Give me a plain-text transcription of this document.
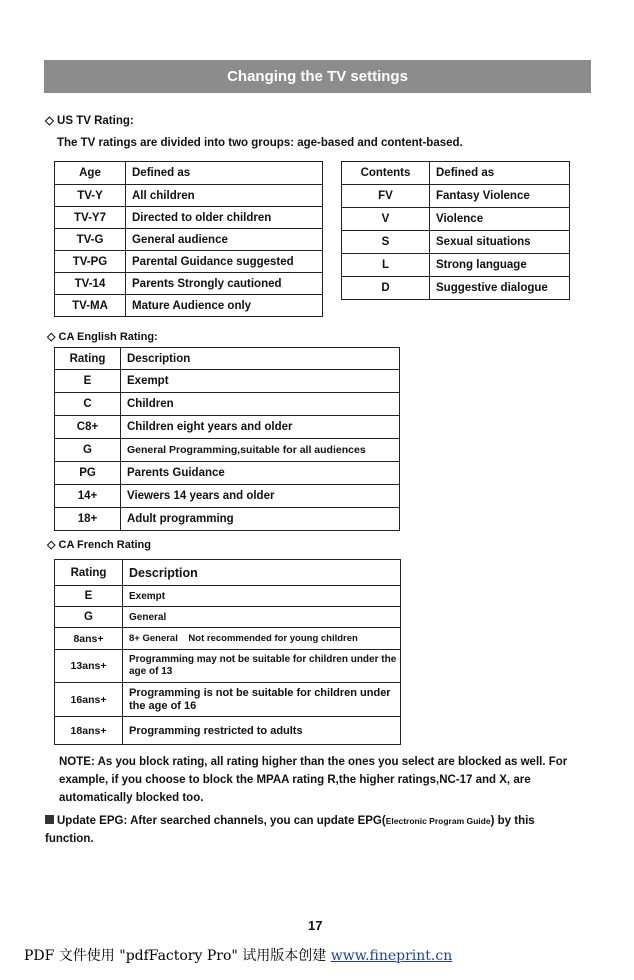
Changing the TV settings
◇ US TV Rating:
The TV ratings are divided into two groups: age-based and content-based.
Age	Defined as
TV-Y	All children
TV-Y7	Directed to older children
TV-G	General audience
TV-PG	Parental Guidance suggested
TV-14	Parents Strongly cautioned
TV-MA	Mature Audience only
Contents	Defined as
FV	Fantasy Violence
V	Violence
S	Sexual situations
L	Strong language
D	Suggestive dialogue
◇ CA English Rating:
Rating	Description
E	Exempt
C	Children
C8+	Children eight years and older
G	General Programming,suitable for all audiences
PG	Parents Guidance
14+	Viewers 14 years and older
18+	Adult programming
◇ CA French Rating
Rating	Description
E	Exempt
G	General
8ans+	8+ General    Not recommended for young children
13ans+	Programming may not be suitable for children under the age of 13
16ans+	Programming is not be suitable for children under the age of 16
18ans+	Programming restricted to adults
NOTE: As you block rating, all rating higher than the ones you select are blocked as well. For example, if you choose to block the MPAA rating R,the higher ratings,NC-17 and X, are automatically blocked too.
Update EPG: After searched channels, you can update EPG(Electronic Program Guide) by this function.
17
PDF 文件使用 "pdfFactory Pro" 试用版本创建 www.fineprint.cn
